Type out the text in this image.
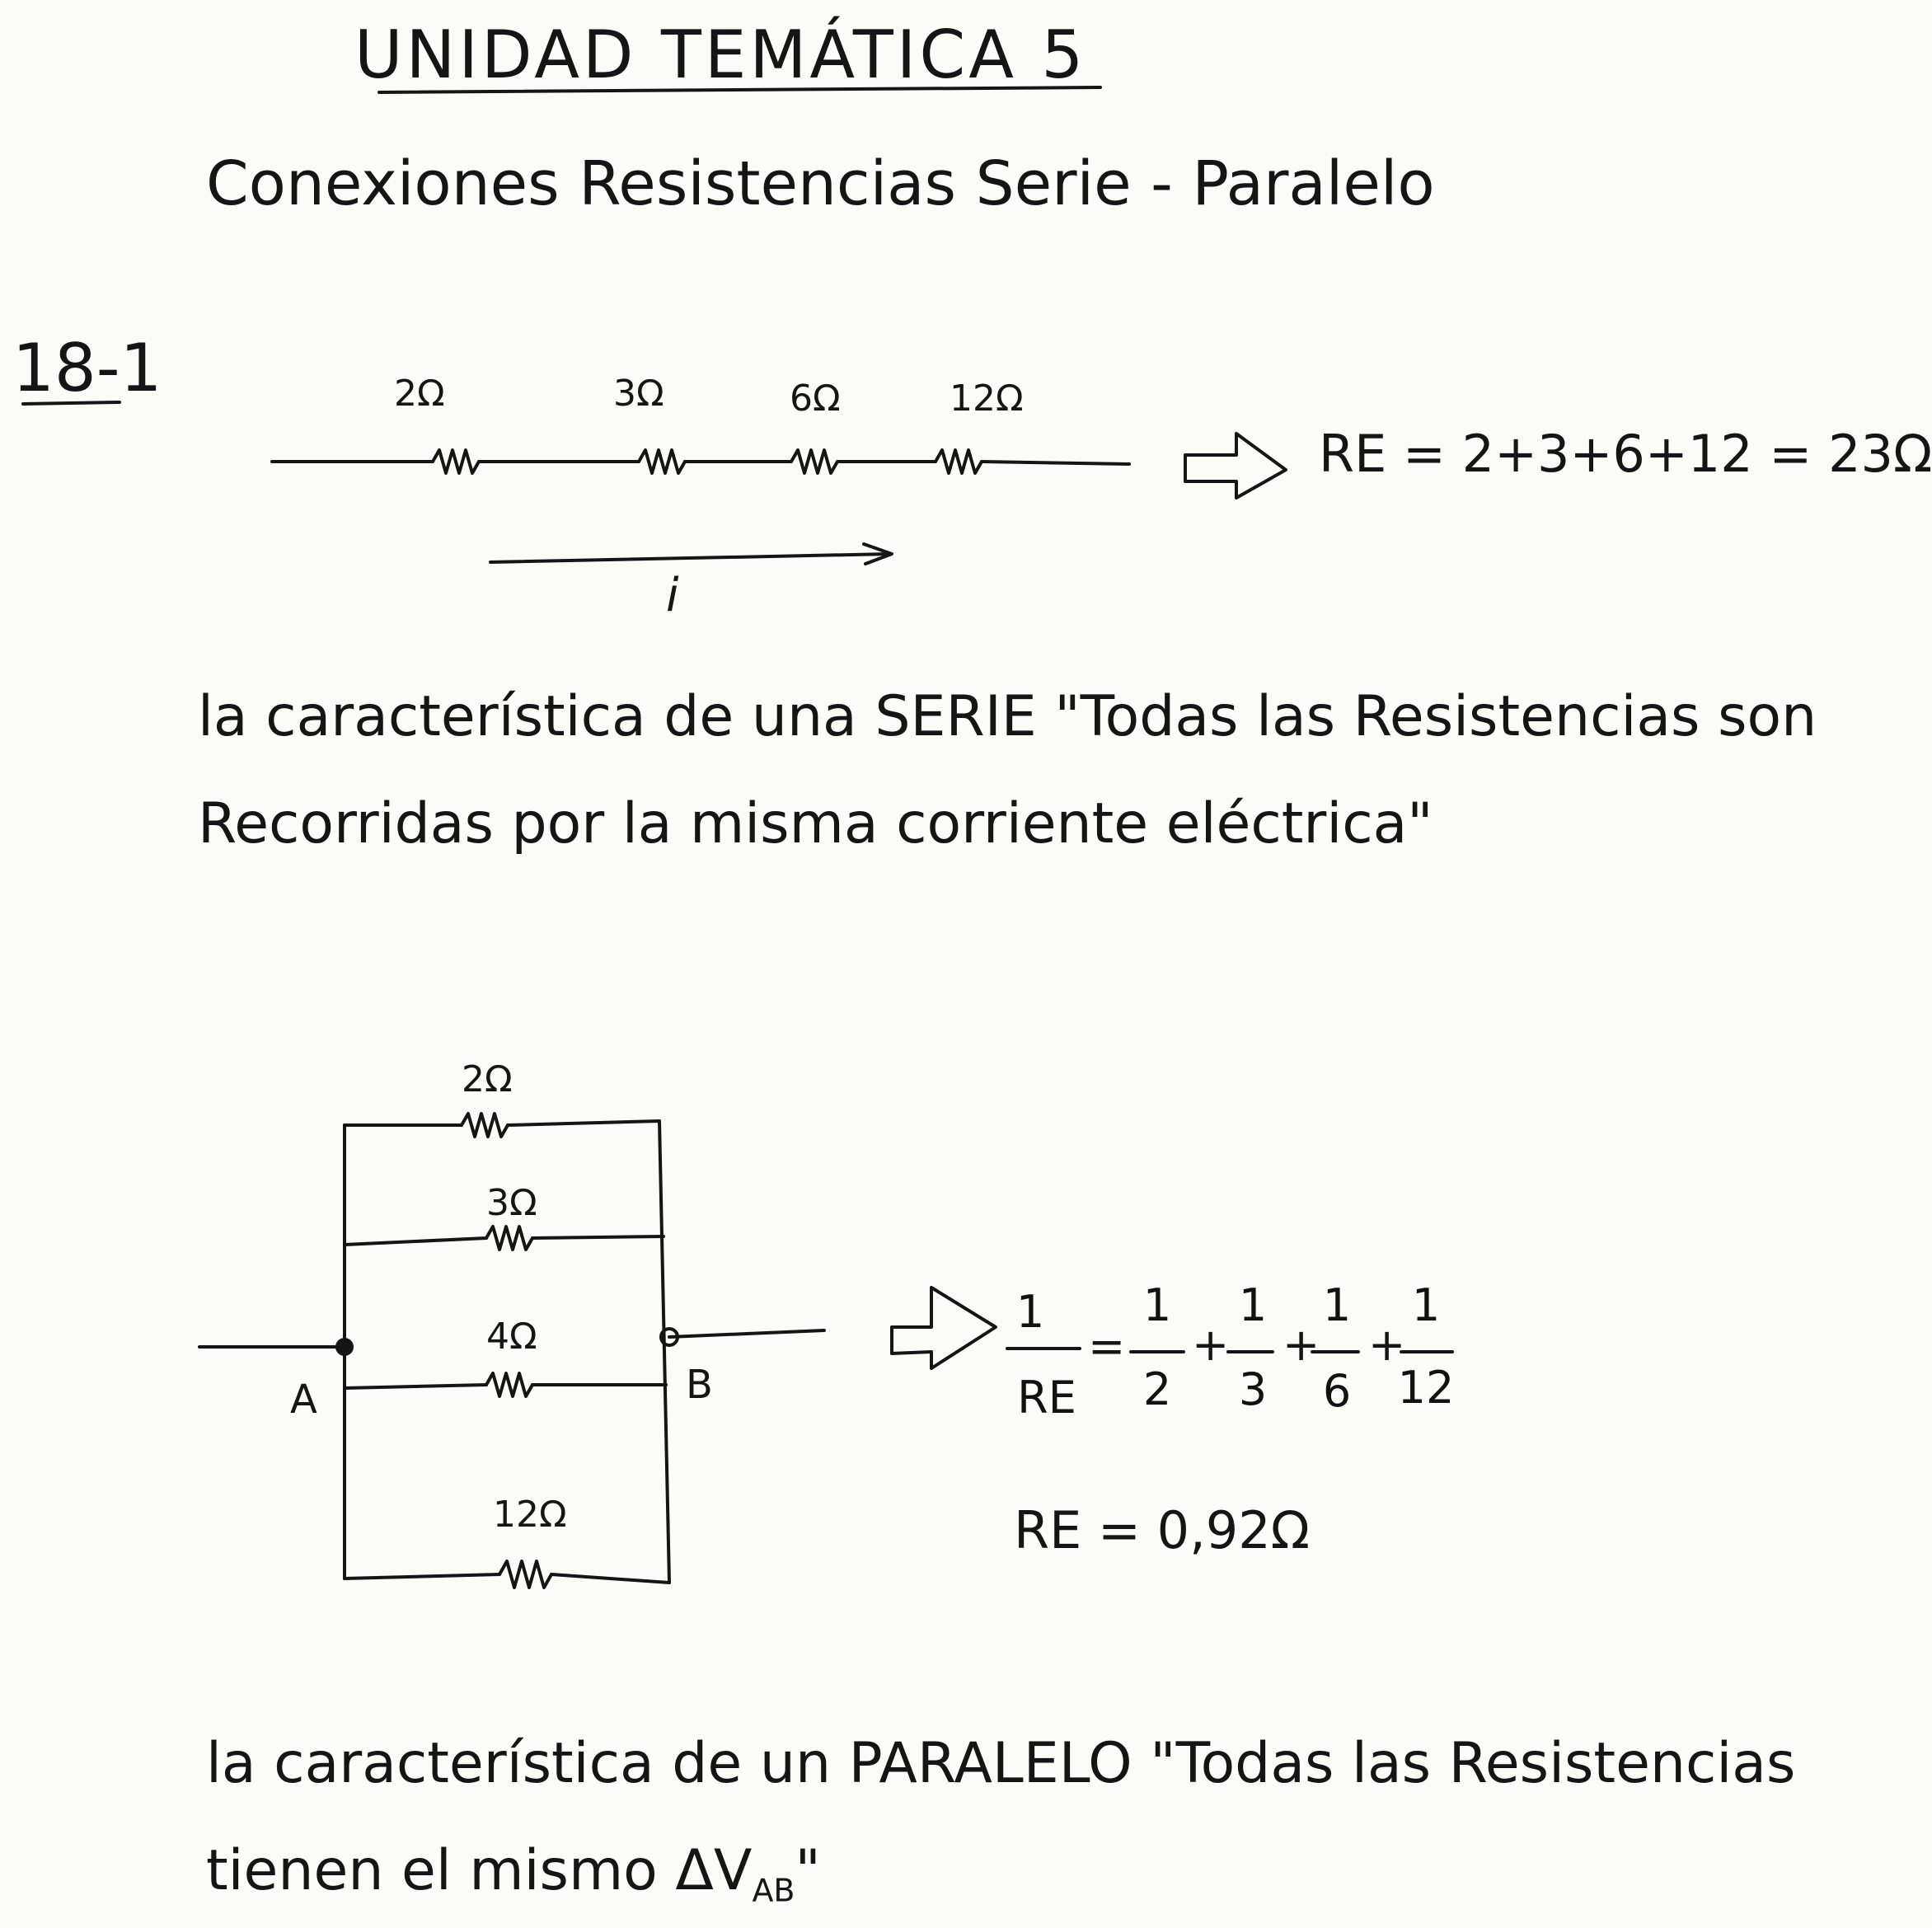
UNIDAD TEMÁTICA 5
Conexiones Resistencias Serie - Paralelo
18-1	2Ω	3Ω	6Ω	12Ω
RE = 2+3+6+12 = 23Ω
i
la característica de una SERIE "Todas las Resistencias son
Recorridas por la misma corriente eléctrica"
2Ω
3Ω
4Ω
12Ω
A	B
1
RE
=
1
2
+
1
3
+
1
6
+
1
12
RE = 0,92Ω
la característica de un PARALELO "Todas las Resistencias
tienen el mismo $\Delta V_{AB}$"
